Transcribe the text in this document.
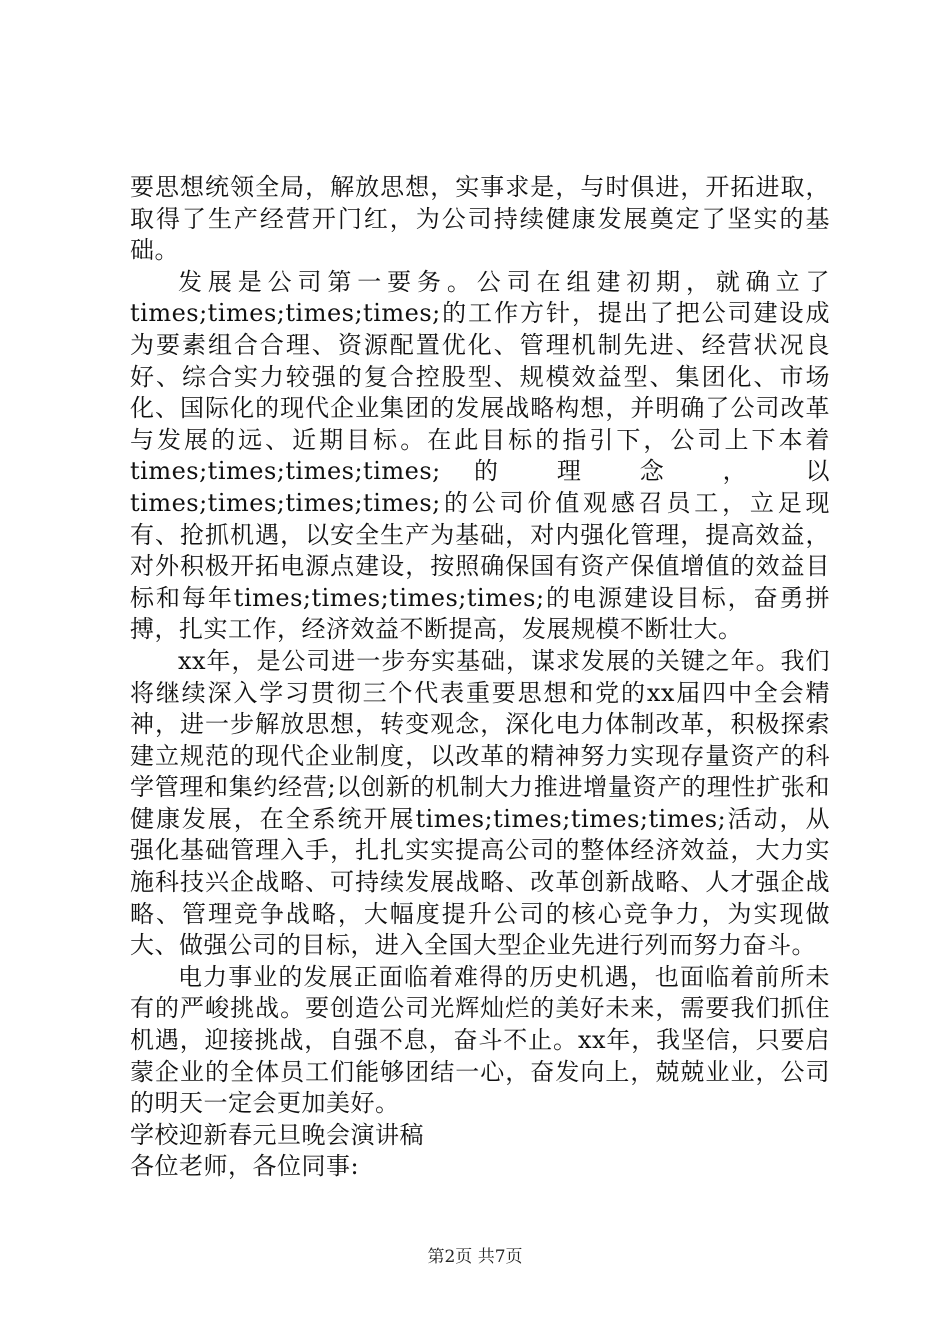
要思想统领全局，解放思想，实事求是，与时俱进，开拓进取，取得了生产经营开门红，为公司持续健康发展奠定了坚实的基础。

发展是公司第一要务。公司在组建初期，就确立了times;times;times;times;的工作方针，提出了把公司建设成为要素组合合理、资源配置优化、管理机制先进、经营状况良好、综合实力较强的复合控股型、规模效益型、集团化、市场化、国际化的现代企业集团的发展战略构想，并明确了公司改革与发展的远、近期目标。在此目标的指引下，公司上下本着times;times;times;times; 的 理 念 ， 以 times;times;times;times;的公司价值观感召员工，立足现有、抢抓机遇，以安全生产为基础，对内强化管理，提高效益，对外积极开拓电源点建设，按照确保国有资产保值增值的效益目标和每年times;times;times;times;的电源建设目标，奋勇拼搏，扎实工作，经济效益不断提高，发展规模不断壮大。

xx年，是公司进一步夯实基础，谋求发展的关键之年。我们将继续深入学习贯彻三个代表重要思想和党的xx届四中全会精神，进一步解放思想，转变观念，深化电力体制改革，积极探索建立规范的现代企业制度，以改革的精神努力实现存量资产的科学管理和集约经营;以创新的机制大力推进增量资产的理性扩张和健康发展，在全系统开展times;times;times;times;活动，从强化基础管理入手，扎扎实实提高公司的整体经济效益，大力实施科技兴企战略、可持续发展战略、改革创新战略、人才强企战略、管理竞争战略，大幅度提升公司的核心竞争力，为实现做大、做强公司的目标，进入全国大型企业先进行列而努力奋斗。

电力事业的发展正面临着难得的历史机遇，也面临着前所未有的严峻挑战。要创造公司光辉灿烂的美好未来，需要我们抓住机遇，迎接挑战，自强不息，奋斗不止。xx年，我坚信，只要启蒙企业的全体员工们能够团结一心，奋发向上，兢兢业业，公司的明天一定会更加美好。

学校迎新春元旦晚会演讲稿

各位老师，各位同事:

第2页 共7页
